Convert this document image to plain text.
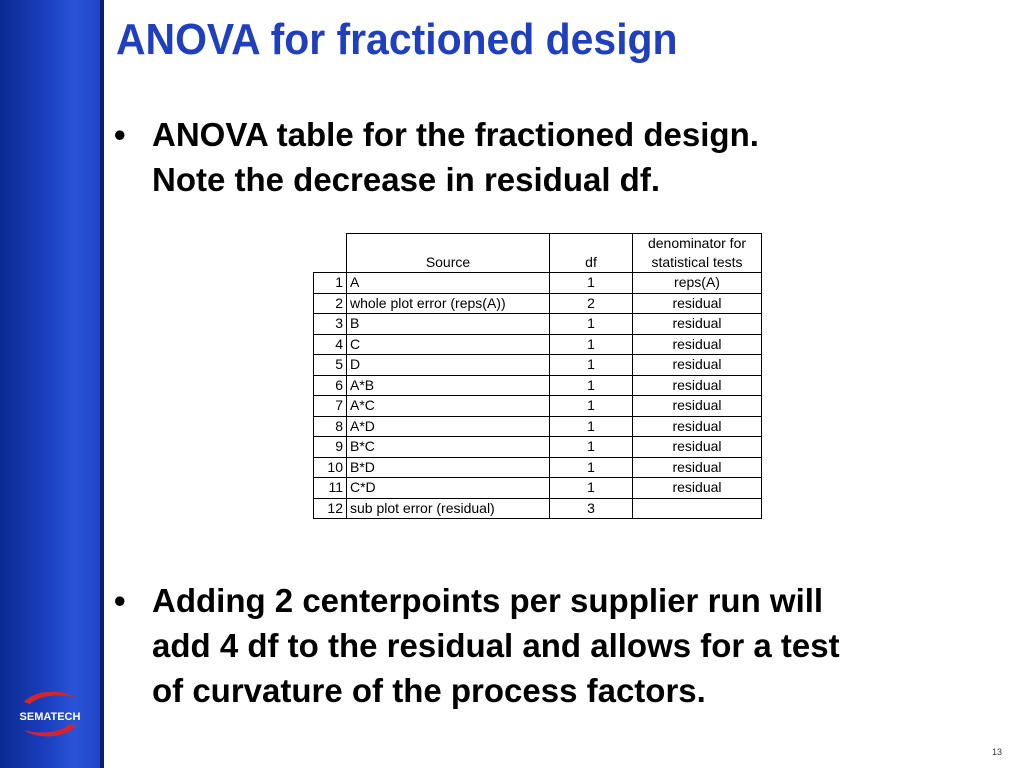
SEMATECH
ANOVA for fractioned design
• ANOVA table for the fractioned design.
Note the decrease in residual df.
	Source	df	denominator for
statistical tests

1	A	1	reps(A)
2	whole plot error (reps(A))	2	residual
3	B	1	residual
4	C	1	residual
5	D	1	residual
6	A*B	1	residual
7	A*C	1	residual
8	A*D	1	residual
9	B*C	1	residual
10	B*D	1	residual
11	C*D	1	residual
12	sub plot error (residual)	3	
• Adding 2 centerpoints per supplier run will
add 4 df to the residual and allows for a test
of curvature of the process factors.
13
